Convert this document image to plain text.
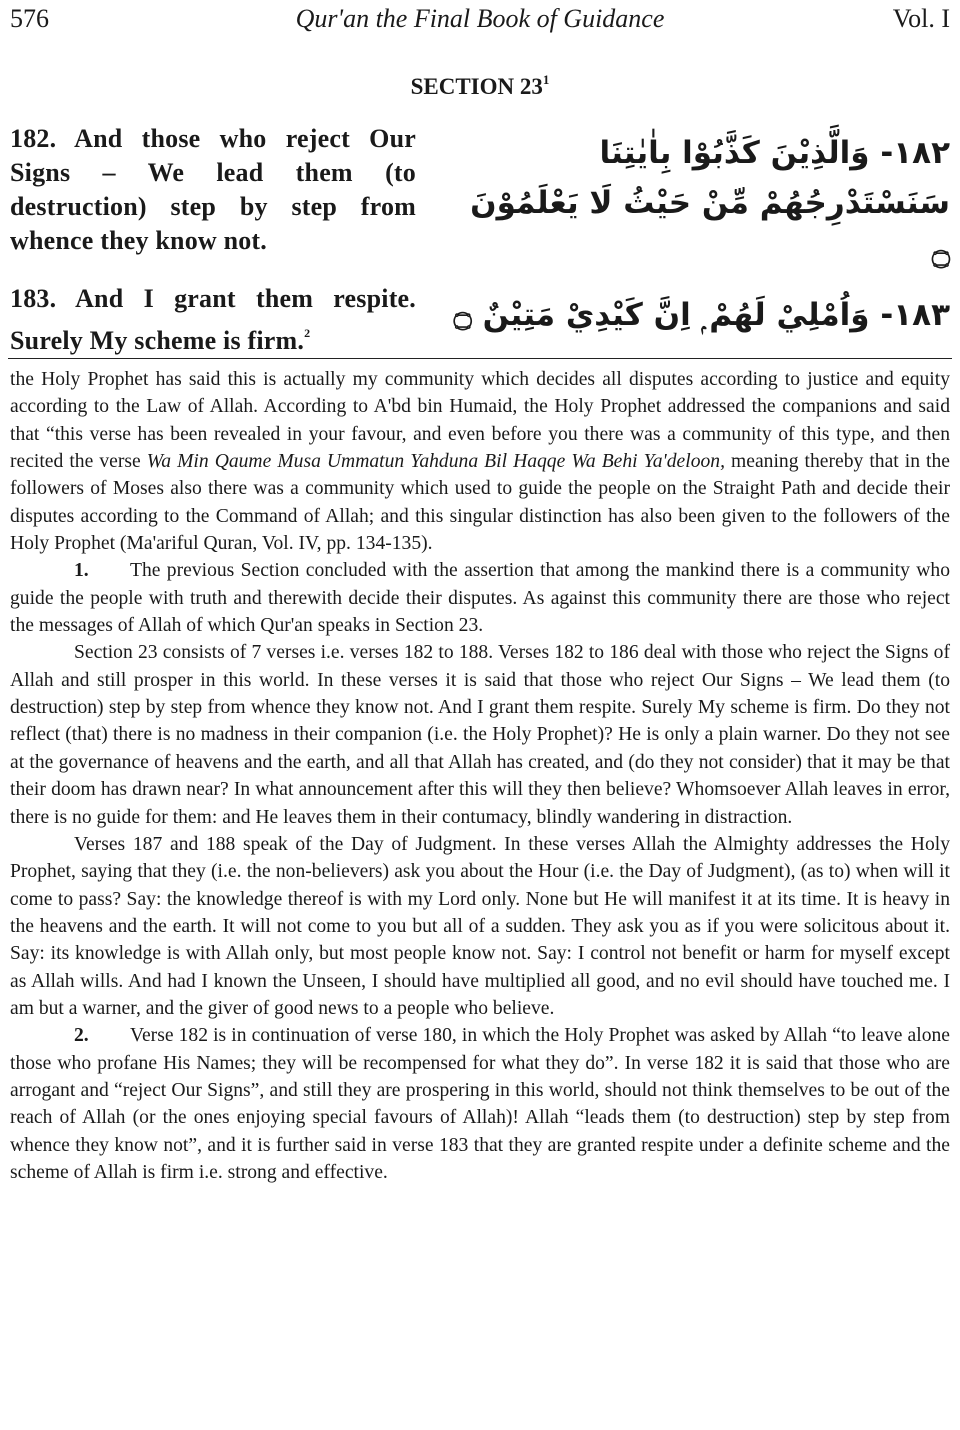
576	Qur'an the Final Book of Guidance	Vol. I
SECTION $23^1$
182. And those who reject Our Signs – We lead them (to destruction) step by step from whence they know not.
١٨٢- وَالَّذِيْنَ كَذَّبُوْا بِاٰيٰتِنَا
سَنَسْتَدْرِجُهُمْ مِّنْ حَيْثُ لَا يَعْلَمُوْنَ ۝
183. And I grant them respite. Surely My scheme is firm.$^2$	١٨٣- وَاُمْلِيْ لَهُمْ ۭ اِنَّ كَيْدِيْ مَتِيْنٌ ۝

the Holy Prophet has said this is actually my community which decides all disputes according to justice and equity according to the Law of Allah. According to A'bd bin Humaid, the Holy Prophet addressed the companions and said that “this verse has been revealed in your favour, and even before you there was a community of this type, and then recited the verse Wa Min Qaume Musa Ummatun Yahduna Bil Haqqe Wa Behi Ya'deloon, meaning thereby that in the followers of Moses also there was a community which used to guide the people on the Straight Path and decide their disputes according to the Command of Allah; and this singular distinction has also been given to the followers of the Holy Prophet (Ma'ariful Quran, Vol. IV, pp. 134-135).

1. The previous Section concluded with the assertion that among the mankind there is a community who guide the people with truth and therewith decide their disputes. As against this community there are those who reject the messages of Allah of which Qur'an speaks in Section 23.

Section 23 consists of 7 verses i.e. verses 182 to 188. Verses 182 to 186 deal with those who reject the Signs of Allah and still prosper in this world. In these verses it is said that those who reject Our Signs – We lead them (to destruction) step by step from whence they know not. And I grant them respite. Surely My scheme is firm. Do they not reflect (that) there is no madness in their companion (i.e. the Holy Prophet)? He is only a plain warner. Do they not see at the governance of heavens and the earth, and all that Allah has created, and (do they not consider) that it may be that their doom has drawn near? In what announcement after this will they then believe? Whomsoever Allah leaves in error, there is no guide for them: and He leaves them in their contumacy, blindly wandering in distraction.

Verses 187 and 188 speak of the Day of Judgment. In these verses Allah the Almighty addresses the Holy Prophet, saying that they (i.e. the non-believers) ask you about the Hour (i.e. the Day of Judgment), (as to) when will it come to pass? Say: the knowledge thereof is with my Lord only. None but He will manifest it at its time. It is heavy in the heavens and the earth. It will not come to you but all of a sudden. They ask you as if you were solicitous about it. Say: its knowledge is with Allah only, but most people know not. Say: I control not benefit or harm for myself except as Allah wills. And had I known the Unseen, I should have multiplied all good, and no evil should have touched me. I am but a warner, and the giver of good news to a people who believe.

2. Verse 182 is in continuation of verse 180, in which the Holy Prophet was asked by Allah “to leave alone those who profane His Names; they will be recompensed for what they do”. In verse 182 it is said that those who are arrogant and “reject Our Signs”, and still they are prospering in this world, should not think themselves to be out of the reach of Allah (or the ones enjoying special favours of Allah)! Allah “leads them (to destruction) step by step from whence they know not”, and it is further said in verse 183 that they are granted respite under a definite scheme and the scheme of Allah is firm i.e. strong and effective.
